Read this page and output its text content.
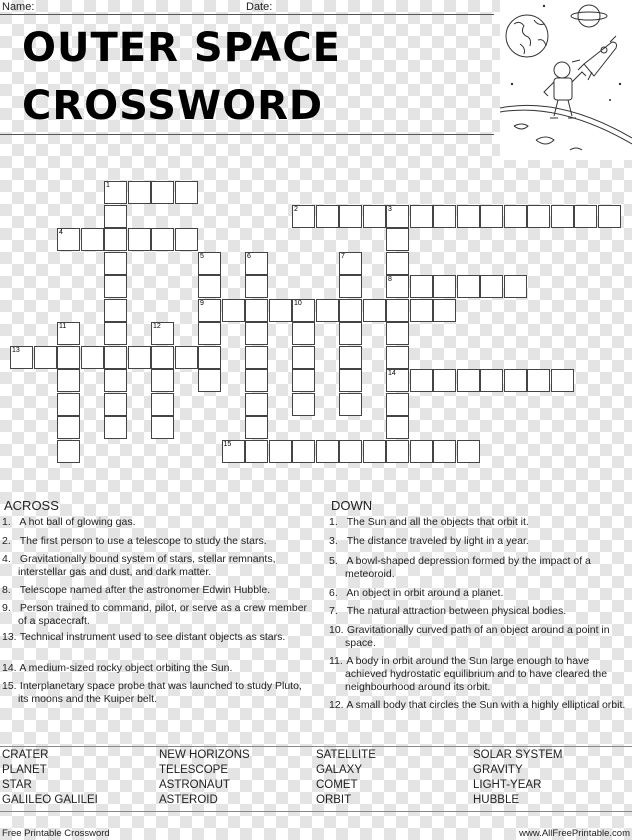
Name:	Date:
OUTER SPACE
CROSSWORD
1
2	3
4
5	6	7
8
9	10
11	12
13
14
15
ACROSS	DOWN
1. A hot ball of glowing gas.
2. The first person to use a telescope to study the stars.
4. Gravitationally bound system of stars, stellar remnants, interstellar gas and dust, and dark matter.
8. Telescope named after the astronomer Edwin Hubble.
9. Person trained to command, pilot, or serve as a crew member of a spacecraft.
13. Technical instrument used to see distant objects as stars.
14. A medium-sized rocky object orbiting the Sun.
15. Interplanetary space probe that was launched to study Pluto, its moons and the Kuiper belt.
1. The Sun and all the objects that orbit it.
3. The distance traveled by light in a year.
5. A bowl-shaped depression formed by the impact of a meteoroid.
6. An object in orbit around a planet.
7. The natural attraction between physical bodies.
10. Gravitationally curved path of an object around a point in space.
11. A body in orbit around the Sun large enough to have achieved hydrostatic equilibrium and to have cleared the neighbourhood around its orbit.
12. A small body that circles the Sun with a highly elliptical orbit.
CRATER	NEW HORIZONS	SATELLITE	SOLAR SYSTEM
PLANET	TELESCOPE	GALAXY	GRAVITY
STAR	ASTRONAUT	COMET	LIGHT-YEAR
GALILEO GALILEI	ASTEROID	ORBIT	HUBBLE
Free Printable Crossword	www.AllFreePrintable.com
